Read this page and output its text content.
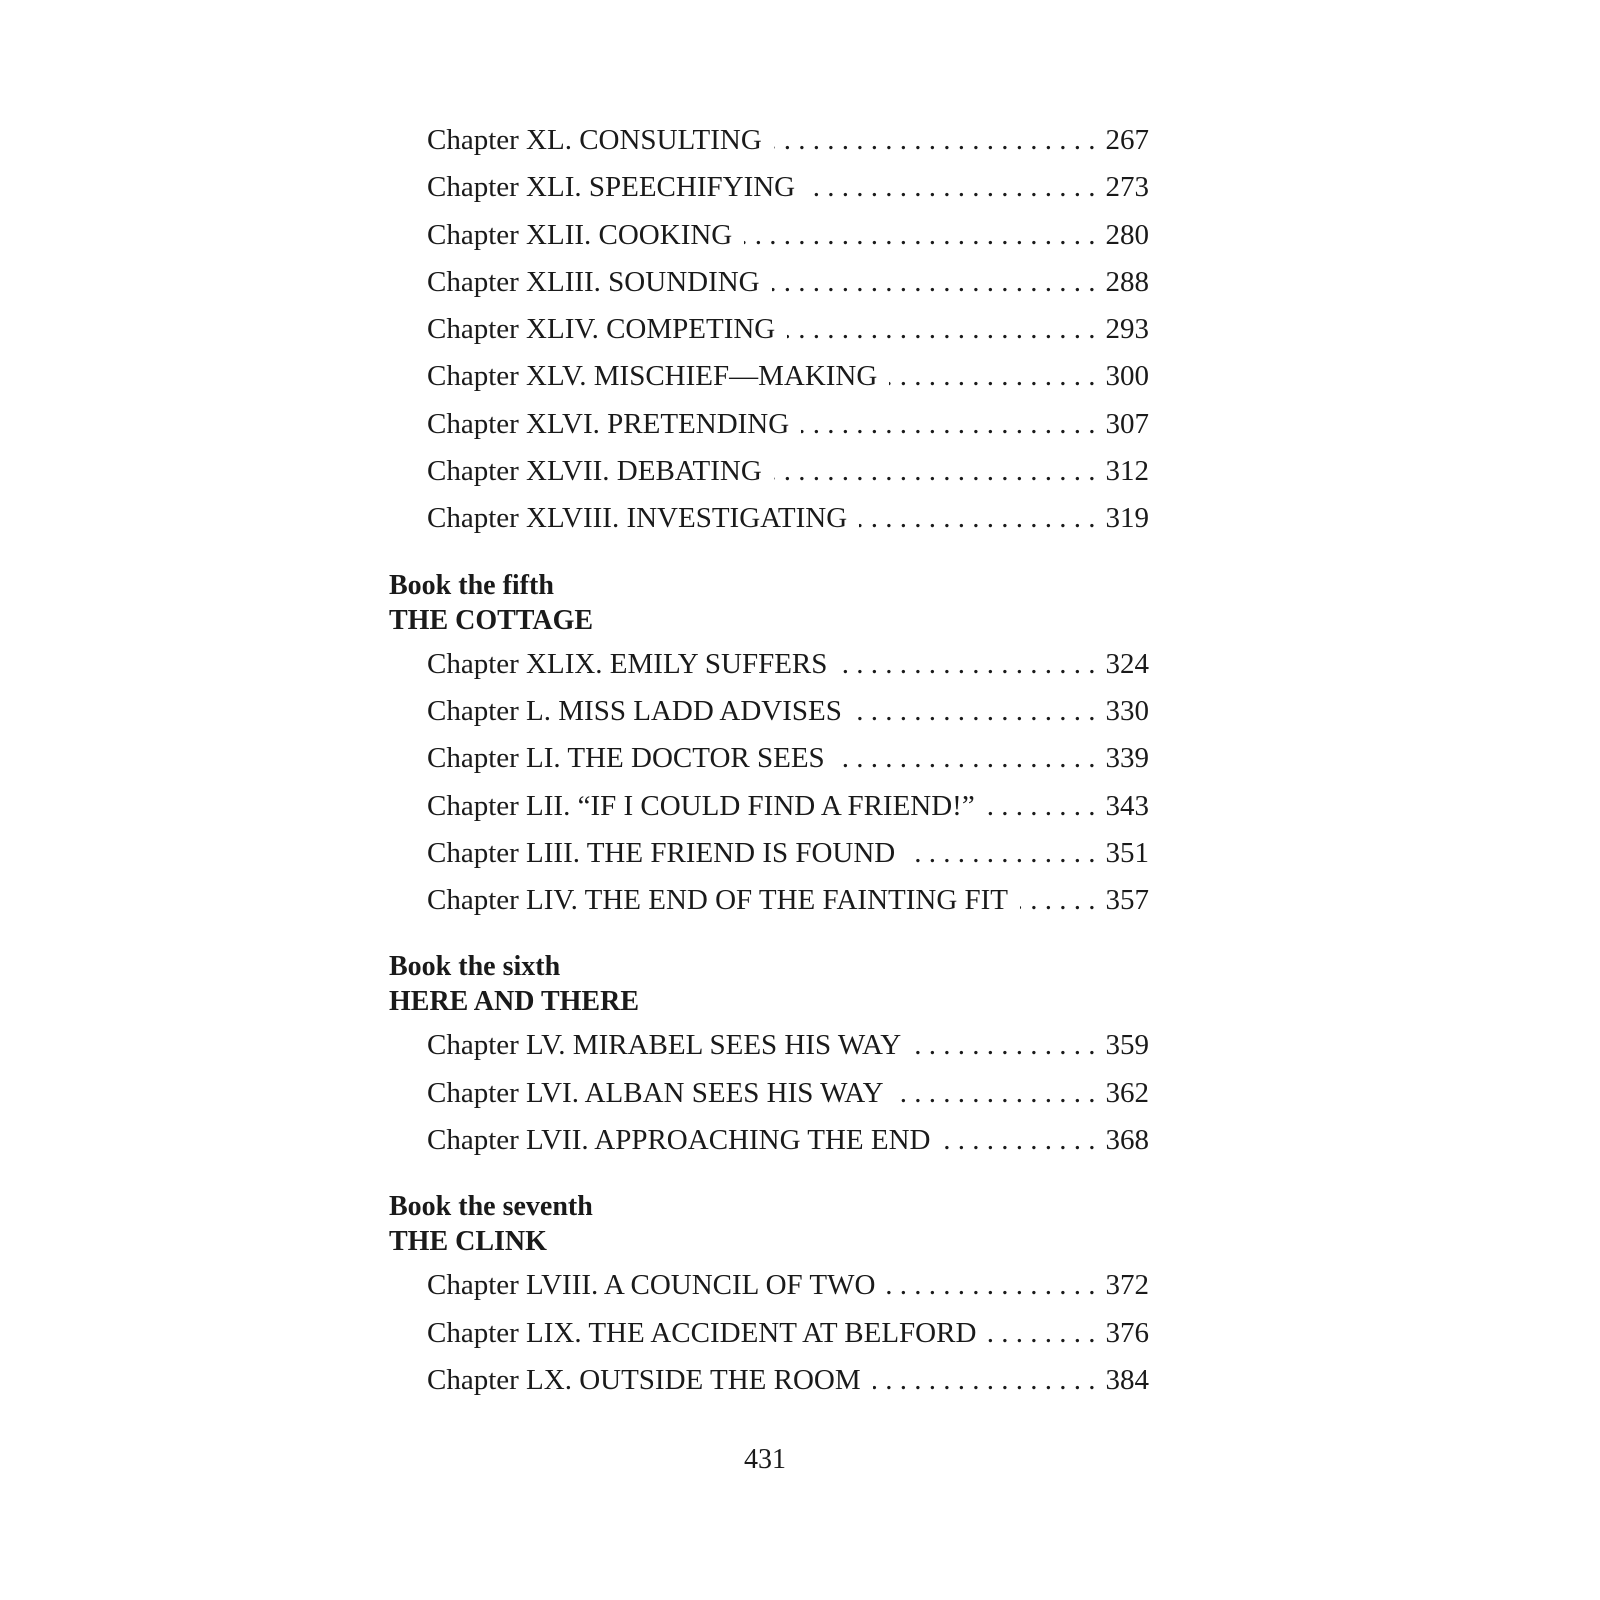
Chapter XL. CONSULTING . . .	267
Chapter XLI. SPEECHIFYING . . .	273
Chapter XLII. COOKING . . .	280
Chapter XLIII. SOUNDING . . .	288
Chapter XLIV. COMPETING . . .	293
Chapter XLV. MISCHIEF—MAKING . . .	300
Chapter XLVI. PRETENDING . . .	307
Chapter XLVII. DEBATING . . .	312
Chapter XLVIII. INVESTIGATING . . .	319
Book the fifth
THE COTTAGE
Chapter XLIX. EMILY SUFFERS . . .	324
Chapter L. MISS LADD ADVISES . . .	330
Chapter LI. THE DOCTOR SEES . . .	339
Chapter LII. “IF I COULD FIND A FRIEND!” . . .	343
Chapter LIII. THE FRIEND IS FOUND . . .	351
Chapter LIV. THE END OF THE FAINTING FIT . . .	357
Book the sixth
HERE AND THERE
Chapter LV. MIRABEL SEES HIS WAY . . .	359
Chapter LVI. ALBAN SEES HIS WAY . . .	362
Chapter LVII. APPROACHING THE END . . .	368
Book the seventh
THE CLINK
Chapter LVIII. A COUNCIL OF TWO . . .	372
Chapter LIX. THE ACCIDENT AT BELFORD . . .	376
Chapter LX. OUTSIDE THE ROOM . . .	384
431
